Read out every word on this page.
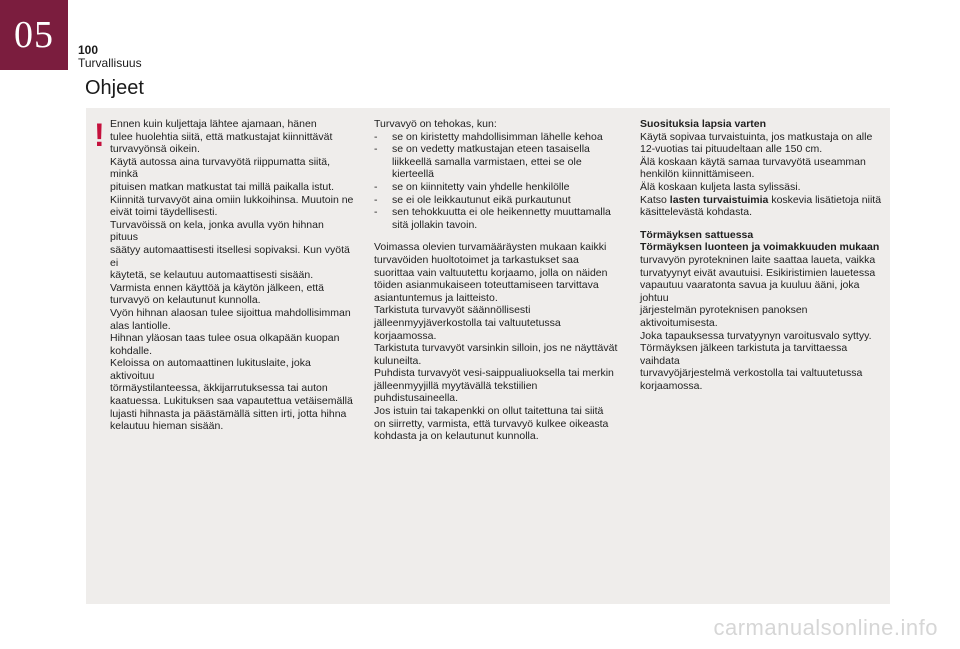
05	100
Turvallisuus
Ohjeet
! Ennen kuin kuljettaja lähtee ajamaan, hänen

tulee huolehtia siitä, että matkustajat kiinnittävät

turvavyönsä oikein.

Käytä autossa aina turvavyötä riippumatta siitä, minkä

pituisen matkan matkustat tai millä paikalla istut.

Kiinnitä turvavyöt aina omiin lukkoihinsa. Muutoin ne

eivät toimi täydellisesti.

Turvavöissä on kela, jonka avulla vyön hihnan pituus

säätyy automaattisesti itsellesi sopivaksi. Kun vyötä ei

käytetä, se kelautuu automaattisesti sisään.

Varmista ennen käyttöä ja käytön jälkeen, että

turvavyö on kelautunut kunnolla.

Vyön hihnan alaosan tulee sijoittua mahdollisimman

alas lantiolle.

Hihnan yläosan taas tulee osua olkapään kuopan

kohdalle.

Keloissa on automaattinen lukituslaite, joka aktivoituu

törmäystilanteessa, äkkijarrutuksessa tai auton

kaatuessa. Lukituksen saa vapautettua vetäisemällä

lujasti hihnasta ja päästämällä sitten irti, jotta hihna

kelautuu hieman sisään.

Turvavyö on tehokas, kun:

-	se on kiristetty mahdollisimman lähelle kehoa
-	se on vedetty matkustajan eteen tasaisella
liikkeellä samalla varmistaen, ettei se ole kierteellä
-	se on kiinnitetty vain yhdelle henkilölle
-	se ei ole leikkautunut eikä purkautunut
-	sen tehokkuutta ei ole heikennetty muuttamalla
sitä jollakin tavoin.

Voimassa olevien turvamääräysten mukaan kaikki

turvavöiden huoltotoimet ja tarkastukset saa

suorittaa vain valtuutettu korjaamo, jolla on näiden

töiden asianmukaiseen toteuttamiseen tarvittava

asiantuntemus ja laitteisto.

Tarkistuta turvavyöt säännöllisesti

jälleenmyyjäverkostolla tai valtuutetussa korjaamossa.

Tarkistuta turvavyöt varsinkin silloin, jos ne näyttävät

kuluneilta.

Puhdista turvavyöt vesi-saippualiuoksella tai merkin

jälleenmyyjillä myytävällä tekstiilien puhdistusaineella.

Jos istuin tai takapenkki on ollut taitettuna tai siitä

on siirretty, varmista, että turvavyö kulkee oikeasta

kohdasta ja on kelautunut kunnolla.

Suosituksia lapsia varten

Käytä sopivaa turvaistuinta, jos matkustaja on alle

12-vuotias tai pituudeltaan alle 150 cm.

Älä koskaan käytä samaa turvavyötä useamman

henkilön kiinnittämiseen.

Älä koskaan kuljeta lasta sylissäsi.

Katso lasten turvaistuimia koskevia lisätietoja niitä

käsittelevästä kohdasta.

Törmäyksen sattuessa

Törmäyksen luonteen ja voimakkuuden mukaan

turvavyön pyrotekninen laite saattaa laueta, vaikka

turvatyynyt eivät avautuisi. Esikiristimien lauetessa

vapautuu vaaratonta savua ja kuuluu ääni, joka johtuu

järjestelmän pyroteknisen panoksen aktivoitumisesta.

Joka tapauksessa turvatyynyn varoitusvalo syttyy.

Törmäyksen jälkeen tarkistuta ja tarvittaessa vaihdata

turvavyöjärjestelmä verkostolla tai valtuutetussa

korjaamossa.

carmanualsonline.info
